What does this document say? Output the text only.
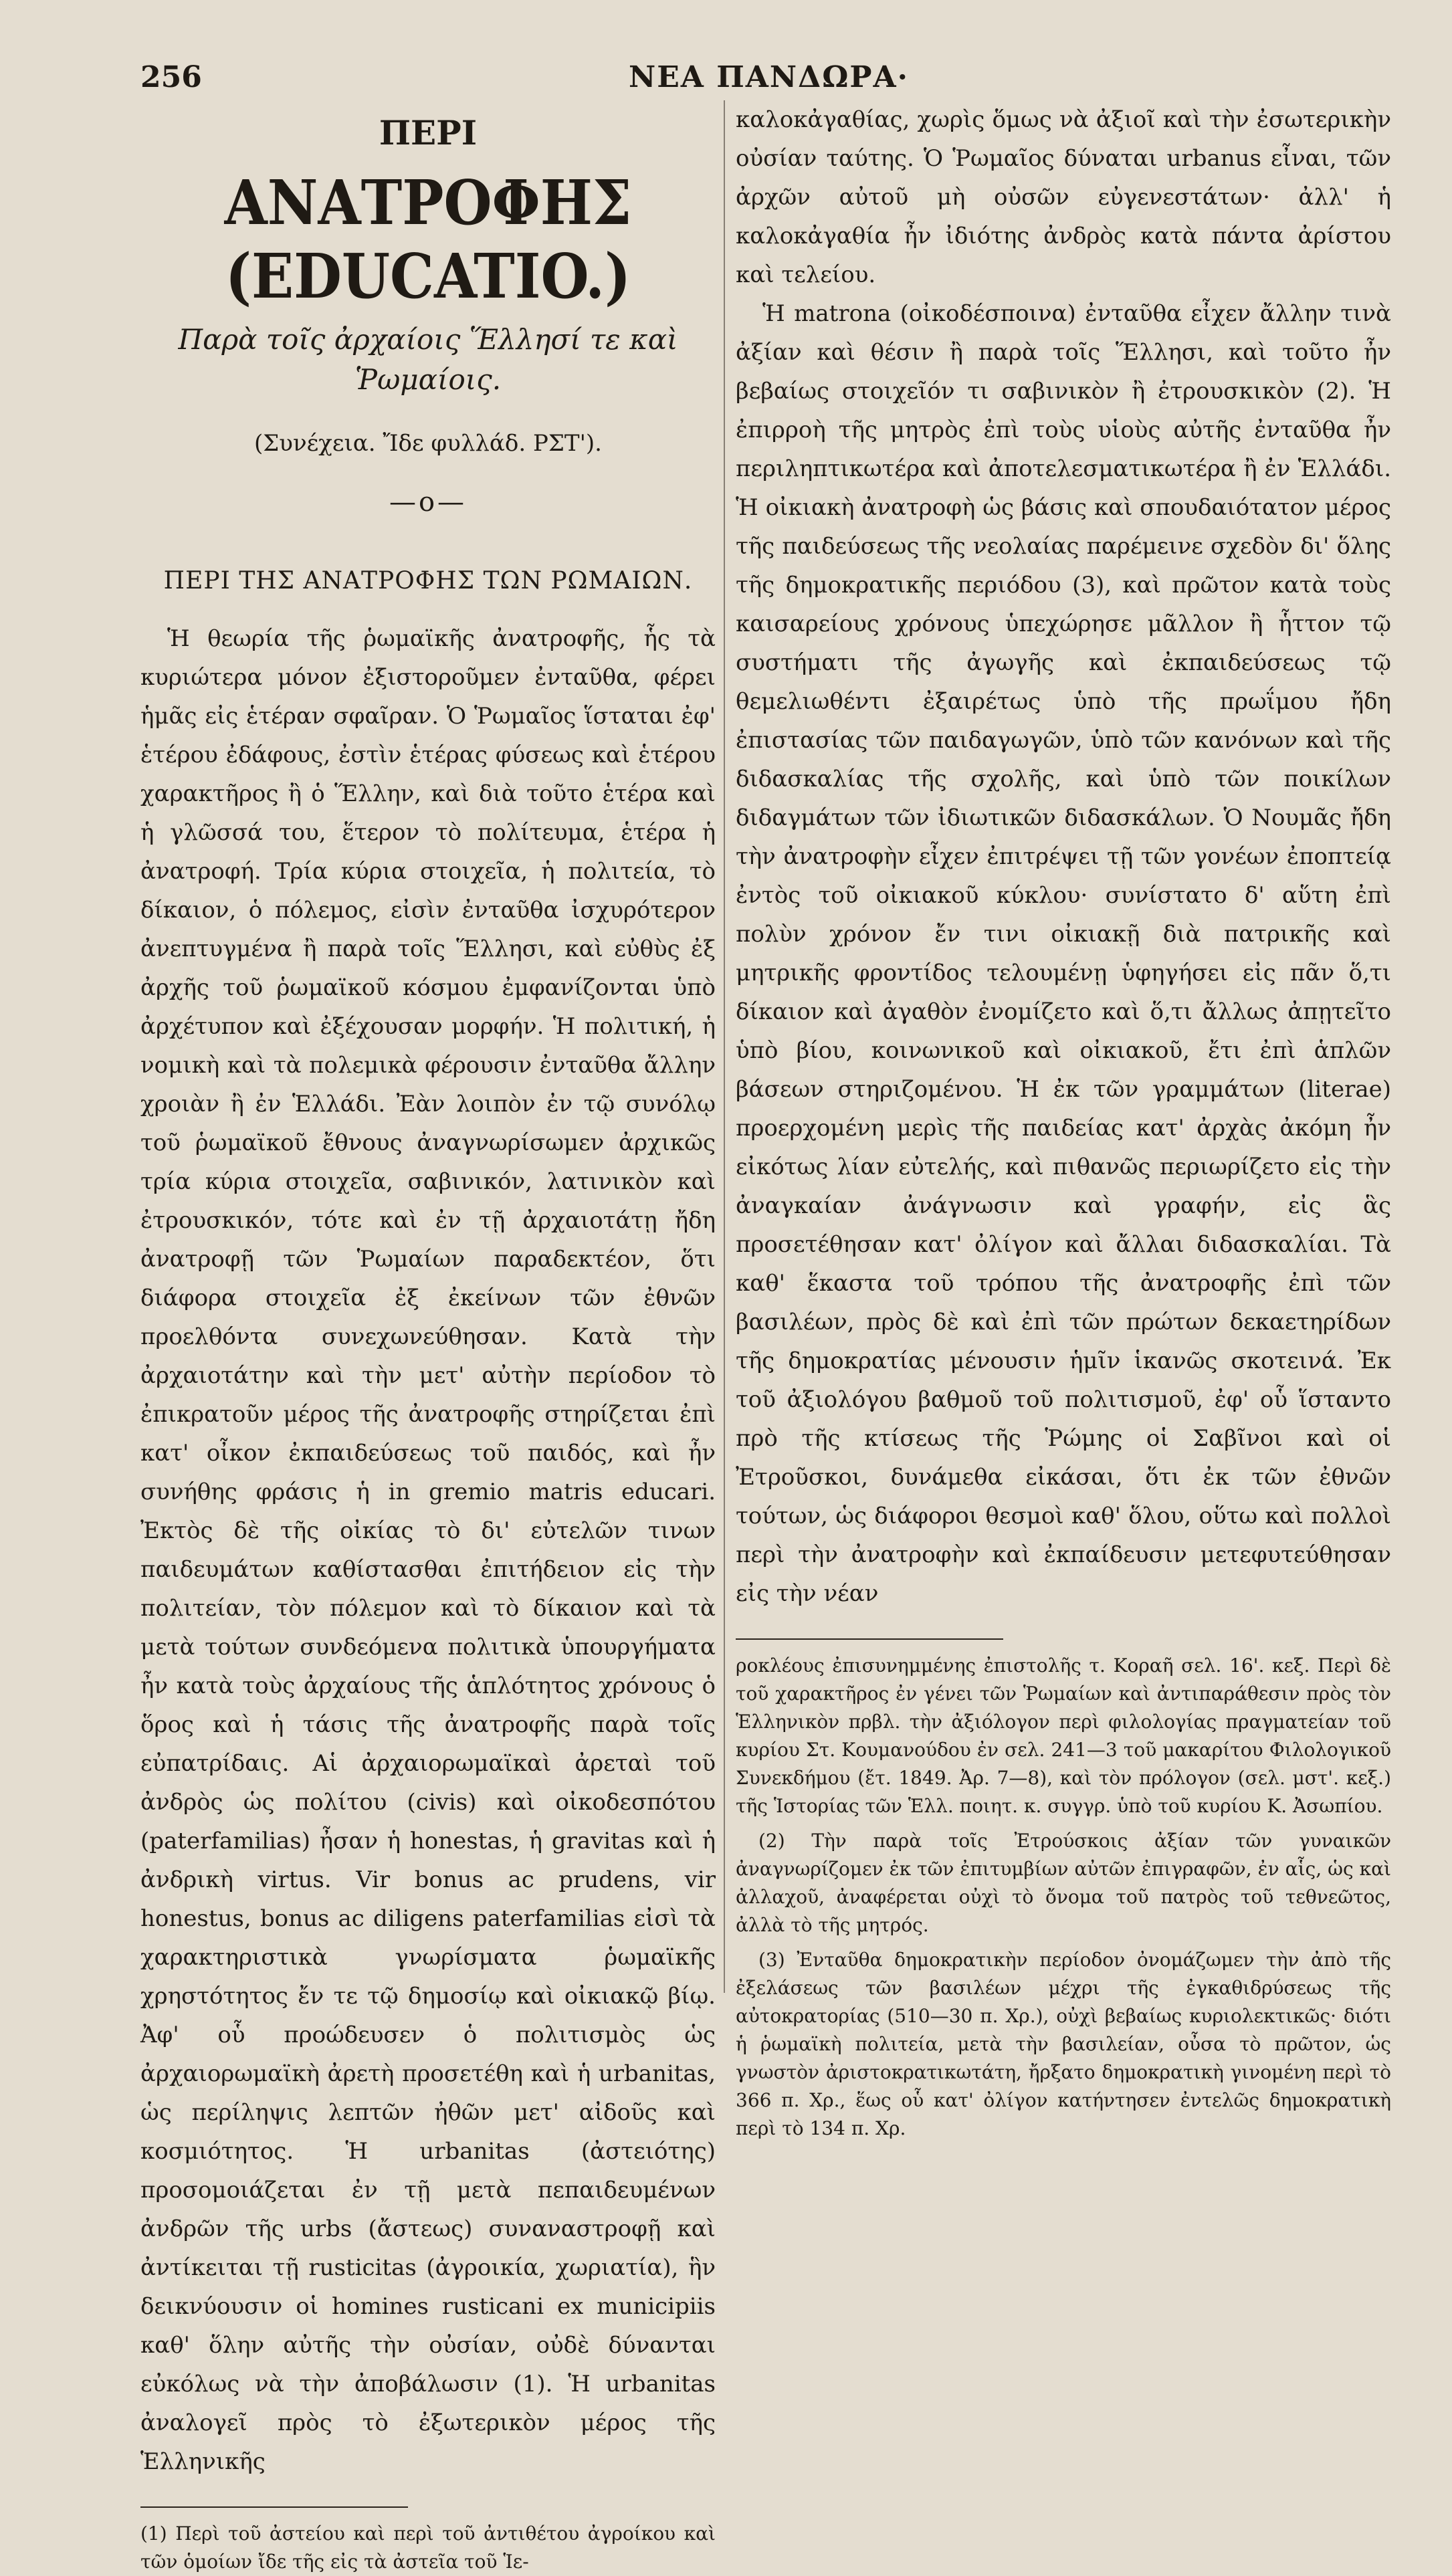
256	ΝΕΑ ΠΑΝΔΩΡΑ·
ΠΕΡΙ
ΑΝΑΤΡΟΦΗΣ (EDUCATIO.)
Παρὰ τοῖς ἀρχαίοις Ἕλλησί τε καὶ Ῥωμαίοις.
(Συνέχεια. Ἴδε φυλλάδ. ΡΣΤ').
—o—
ΠΕΡΙ ΤΗΣ ΑΝΑΤΡΟΦΗΣ ΤΩΝ ΡΩΜΑΙΩΝ.
Ἡ θεωρία τῆς ῥωμαϊκῆς ἀνατροφῆς, ἧς τὰ κυριώτερα μόνον ἐξιστοροῦμεν ἐνταῦθα, φέρει ἡμᾶς εἰς ἑτέραν σφαῖραν. Ὁ Ῥωμαῖος ἵσταται ἐφ' ἑτέρου ἐδάφους, ἐστὶν ἑτέρας φύσεως καὶ ἑτέρου χαρακτῆρος ἢ ὁ Ἕλλην, καὶ διὰ τοῦτο ἑτέρα καὶ ἡ γλῶσσά του, ἕτερον τὸ πολίτευμα, ἑτέρα ἡ ἀνατροφή. Τρία κύρια στοιχεῖα, ἡ πολιτεία, τὸ δίκαιον, ὁ πόλεμος, εἰσὶν ἐνταῦθα ἰσχυρότερον ἀνεπτυγμένα ἢ παρὰ τοῖς Ἕλλησι, καὶ εὐθὺς ἐξ ἀρχῆς τοῦ ῥωμαϊκοῦ κόσμου ἐμφανίζονται ὑπὸ ἀρχέτυπον καὶ ἐξέχουσαν μορφήν. Ἡ πολιτική, ἡ νομικὴ καὶ τὰ πολεμικὰ φέρουσιν ἐνταῦθα ἄλλην χροιὰν ἢ ἐν Ἑλλάδι. Ἐὰν λοιπὸν ἐν τῷ συνόλῳ τοῦ ῥωμαϊκοῦ ἔθνους ἀναγνωρίσωμεν ἀρχικῶς τρία κύρια στοιχεῖα, σαβινικόν, λατινικὸν καὶ ἐτρουσκικόν, τότε καὶ ἐν τῇ ἀρχαιοτάτῃ ἤδη ἀνατροφῇ τῶν Ῥωμαίων παραδεκτέον, ὅτι διάφορα στοιχεῖα ἐξ ἐκείνων τῶν ἐθνῶν προελθόντα συνεχωνεύθησαν. Κατὰ τὴν ἀρχαιοτάτην καὶ τὴν μετ' αὐτὴν περίοδον τὸ ἐπικρατοῦν μέρος τῆς ἀνατροφῆς στηρίζεται ἐπὶ κατ' οἶκον ἐκπαιδεύσεως τοῦ παιδός, καὶ ἦν συνήθης φράσις ἡ in gremio matris educari. Ἐκτὸς δὲ τῆς οἰκίας τὸ δι' εὐτελῶν τινων παιδευμάτων καθίστασθαι ἐπιτήδειον εἰς τὴν πολιτείαν, τὸν πόλεμον καὶ τὸ δίκαιον καὶ τὰ μετὰ τούτων συνδεόμενα πολιτικὰ ὑπουργήματα ἦν κατὰ τοὺς ἀρχαίους τῆς ἁπλότητος χρόνους ὁ ὅρος καὶ ἡ τάσις τῆς ἀνατροφῆς παρὰ τοῖς εὐπατρίδαις. Αἱ ἀρχαιορωμαϊκαὶ ἀρεταὶ τοῦ ἀνδρὸς ὡς πολίτου (civis) καὶ οἰκοδεσπότου (paterfamilias) ἦσαν ἡ honestas, ἡ gravitas καὶ ἡ ἀνδρικὴ virtus. Vir bonus ac prudens, vir honestus, bonus ac diligens paterfamilias εἰσὶ τὰ χαρακτηριστικὰ γνωρίσματα ῥωμαϊκῆς χρηστότητος ἔν τε τῷ δημοσίῳ καὶ οἰκιακῷ βίῳ. Ἀφ' οὗ προώδευσεν ὁ πολιτισμὸς ὡς ἀρχαιορωμαϊκὴ ἀρετὴ προσετέθη καὶ ἡ urbanitas, ὡς περίληψις λεπτῶν ἠθῶν μετ' αἰδοῦς καὶ κοσμιότητος. Ἡ urbanitas (ἀστειότης) προσομοιάζεται ἐν τῇ μετὰ πεπαιδευμένων ἀνδρῶν τῆς urbs (ἄστεως) συναναστροφῇ καὶ ἀντίκειται τῇ rusticitas (ἀγροικία, χωριατία), ἣν δεικνύουσιν οἱ homines rusticani ex municipiis καθ' ὅλην αὐτῆς τὴν οὐσίαν, οὐδὲ δύνανται εὐκόλως νὰ τὴν ἀποβάλωσιν (1). Ἡ urbanitas ἀναλογεῖ πρὸς τὸ ἐξωτερικὸν μέρος τῆς Ἑλληνικῆς
(1) Περὶ τοῦ ἀστείου καὶ περὶ τοῦ ἀντιθέτου ἀγροίκου καὶ τῶν ὁμοίων ἴδε τῆς εἰς τὰ ἀστεῖα τοῦ Ἱε-
καλοκἀγαθίας, χωρὶς ὅμως νὰ ἀξιοῖ καὶ τὴν ἐσωτερικὴν οὐσίαν ταύτης. Ὁ Ῥωμαῖος δύναται urbanus εἶναι, τῶν ἀρχῶν αὐτοῦ μὴ οὐσῶν εὐγενεστάτων· ἀλλ' ἡ καλοκἀγαθία ἦν ἰδιότης ἀνδρὸς κατὰ πάντα ἀρίστου καὶ τελείου.
Ἡ matrona (οἰκοδέσποινα) ἐνταῦθα εἶχεν ἄλλην τινὰ ἀξίαν καὶ θέσιν ἢ παρὰ τοῖς Ἕλλησι, καὶ τοῦτο ἦν βεβαίως στοιχεῖόν τι σαβινικὸν ἢ ἐτρουσκικὸν (2). Ἡ ἐπιρροὴ τῆς μητρὸς ἐπὶ τοὺς υἱοὺς αὐτῆς ἐνταῦθα ἦν περιληπτικωτέρα καὶ ἀποτελεσματικωτέρα ἢ ἐν Ἑλλάδι. Ἡ οἰκιακὴ ἀνατροφὴ ὡς βάσις καὶ σπουδαιότατον μέρος τῆς παιδεύσεως τῆς νεολαίας παρέμεινε σχεδὸν δι' ὅλης τῆς δημοκρατικῆς περιόδου (3), καὶ πρῶτον κατὰ τοὺς καισαρείους χρόνους ὑπεχώρησε μᾶλλον ἢ ἧττον τῷ συστήματι τῆς ἀγωγῆς καὶ ἐκπαιδεύσεως τῷ θεμελιωθέντι ἐξαιρέτως ὑπὸ τῆς πρωΐμου ἤδη ἐπιστασίας τῶν παιδαγωγῶν, ὑπὸ τῶν κανόνων καὶ τῆς διδασκαλίας τῆς σχολῆς, καὶ ὑπὸ τῶν ποικίλων διδαγμάτων τῶν ἰδιωτικῶν διδασκάλων. Ὁ Νουμᾶς ἤδη τὴν ἀνατροφὴν εἶχεν ἐπιτρέψει τῇ τῶν γονέων ἐποπτείᾳ ἐντὸς τοῦ οἰκιακοῦ κύκλου· συνίστατο δ' αὕτη ἐπὶ πολὺν χρόνον ἔν τινι οἰκιακῇ διὰ πατρικῆς καὶ μητρικῆς φροντίδος τελουμένῃ ὑφηγήσει εἰς πᾶν ὅ,τι δίκαιον καὶ ἀγαθὸν ἐνομίζετο καὶ ὅ,τι ἄλλως ἀπῃτεῖτο ὑπὸ βίου, κοινωνικοῦ καὶ οἰκιακοῦ, ἔτι ἐπὶ ἁπλῶν βάσεων στηριζομένου. Ἡ ἐκ τῶν γραμμάτων (literae) προερχομένη μερὶς τῆς παιδείας κατ' ἀρχὰς ἀκόμη ἦν εἰκότως λίαν εὐτελής, καὶ πιθανῶς περιωρίζετο εἰς τὴν ἀναγκαίαν ἀνάγνωσιν καὶ γραφήν, εἰς ἃς προσετέθησαν κατ' ὀλίγον καὶ ἄλλαι διδασκαλίαι. Τὰ καθ' ἕκαστα τοῦ τρόπου τῆς ἀνατροφῆς ἐπὶ τῶν βασιλέων, πρὸς δὲ καὶ ἐπὶ τῶν πρώτων δεκαετηρίδων τῆς δημοκρατίας μένουσιν ἡμῖν ἱκανῶς σκοτεινά. Ἐκ τοῦ ἀξιολόγου βαθμοῦ τοῦ πολιτισμοῦ, ἐφ' οὗ ἵσταντο πρὸ τῆς κτίσεως τῆς Ῥώμης οἱ Σαβῖνοι καὶ οἱ Ἐτροῦσκοι, δυνάμεθα εἰκάσαι, ὅτι ἐκ τῶν ἐθνῶν τούτων, ὡς διάφοροι θεσμοὶ καθ' ὅλου, οὕτω καὶ πολλοὶ περὶ τὴν ἀνατροφὴν καὶ ἐκπαίδευσιν μετεφυτεύθησαν εἰς τὴν νέαν
ροκλέους ἐπισυνημμένης ἐπιστολῆς τ. Κοραῆ σελ. 16'. κεξ. Περὶ δὲ τοῦ χαρακτῆρος ἐν γένει τῶν Ῥωμαίων καὶ ἀντιπαράθεσιν πρὸς τὸν Ἑλληνικὸν πρβλ. τὴν ἀξιόλογον περὶ φιλολογίας πραγματείαν τοῦ κυρίου Στ. Κουμανούδου ἐν σελ. 241—3 τοῦ μακαρίτου Φιλολογικοῦ Συνεκδήμου (ἔτ. 1849. Ἀρ. 7—8), καὶ τὸν πρόλογον (σελ. μστ'. κεξ.) τῆς Ἱστορίας τῶν Ἑλλ. ποιητ. κ. συγγρ. ὑπὸ τοῦ κυρίου Κ. Ἀσωπίου.
(2) Τὴν παρὰ τοῖς Ἐτρούσκοις ἀξίαν τῶν γυναικῶν ἀναγνωρίζομεν ἐκ τῶν ἐπιτυμβίων αὐτῶν ἐπιγραφῶν, ἐν αἷς, ὡς καὶ ἀλλαχοῦ, ἀναφέρεται οὐχὶ τὸ ὄνομα τοῦ πατρὸς τοῦ τεθνεῶτος, ἀλλὰ τὸ τῆς μητρός.
(3) Ἐνταῦθα δημοκρατικὴν περίοδον ὀνομάζωμεν τὴν ἀπὸ τῆς ἐξελάσεως τῶν βασιλέων μέχρι τῆς ἐγκαθιδρύσεως τῆς αὐτοκρατορίας (510—30 π. Χρ.), οὐχὶ βεβαίως κυριολεκτικῶς· διότι ἡ ῥωμαϊκὴ πολιτεία, μετὰ τὴν βασιλείαν, οὖσα τὸ πρῶτον, ὡς γνωστὸν ἀριστοκρατικωτάτη, ἤρξατο δημοκρατικὴ γινομένη περὶ τὸ 366 π. Χρ., ἕως οὗ κατ' ὀλίγον κατήντησεν ἐντελῶς δημοκρατικὴ περὶ τὸ 134 π. Χρ.
